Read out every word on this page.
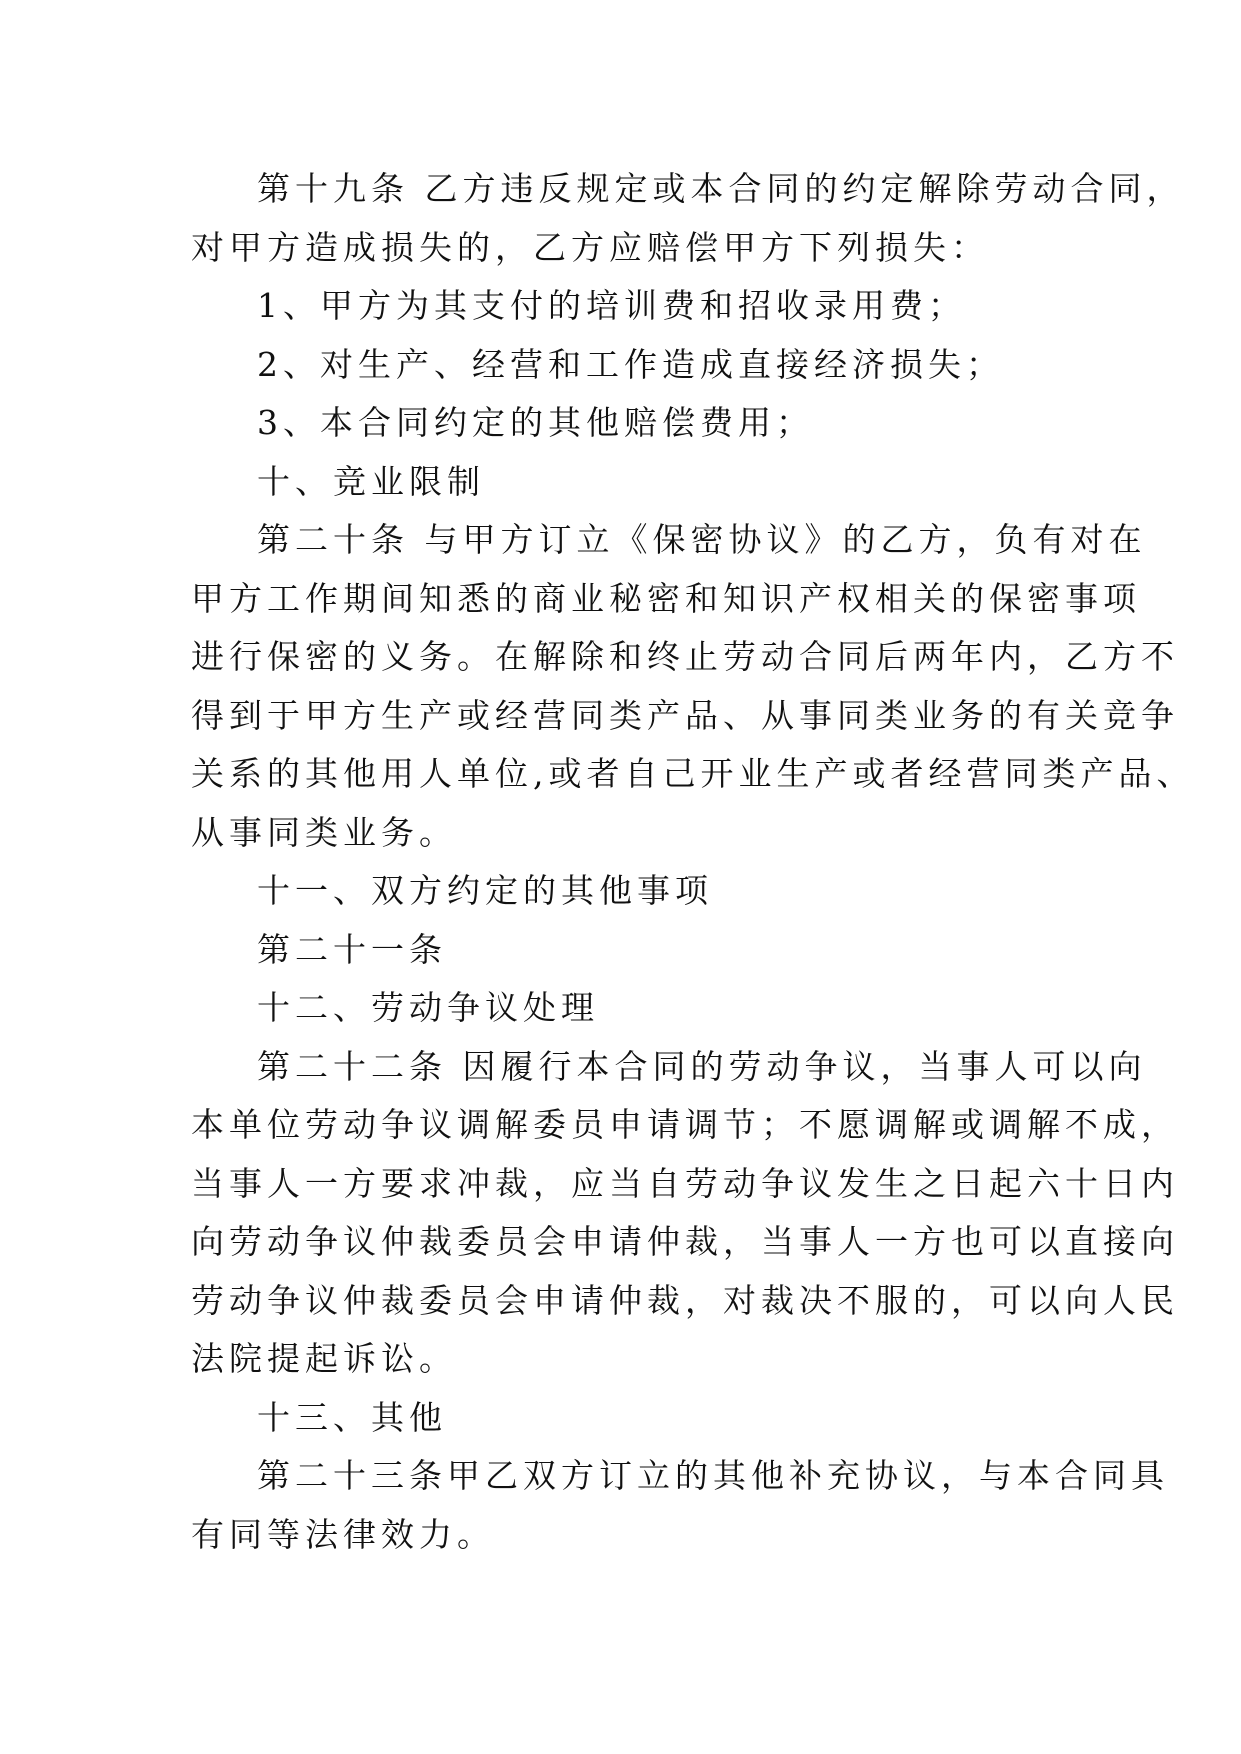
第十九条 乙方违反规定或本合同的约定解除劳动合同，
对甲方造成损失的，乙方应赔偿甲方下列损失：

1、甲方为其支付的培训费和招收录用费；

2、对生产、经营和工作造成直接经济损失；

3、本合同约定的其他赔偿费用；

十、竞业限制

第二十条 与甲方订立《保密协议》的乙方，负有对在
甲方工作期间知悉的商业秘密和知识产权相关的保密事项
进行保密的义务。在解除和终止劳动合同后两年内，乙方不
得到于甲方生产或经营同类产品、从事同类业务的有关竞争
关系的其他用人单位,或者自己开业生产或者经营同类产品、
从事同类业务。

十一、双方约定的其他事项

第二十一条

十二、劳动争议处理

第二十二条 因履行本合同的劳动争议，当事人可以向
本单位劳动争议调解委员申请调节；不愿调解或调解不成，
当事人一方要求冲裁，应当自劳动争议发生之日起六十日内
向劳动争议仲裁委员会申请仲裁，当事人一方也可以直接向
劳动争议仲裁委员会申请仲裁，对裁决不服的，可以向人民
法院提起诉讼。

十三、其他

第二十三条甲乙双方订立的其他补充协议，与本合同具
有同等法律效力。
